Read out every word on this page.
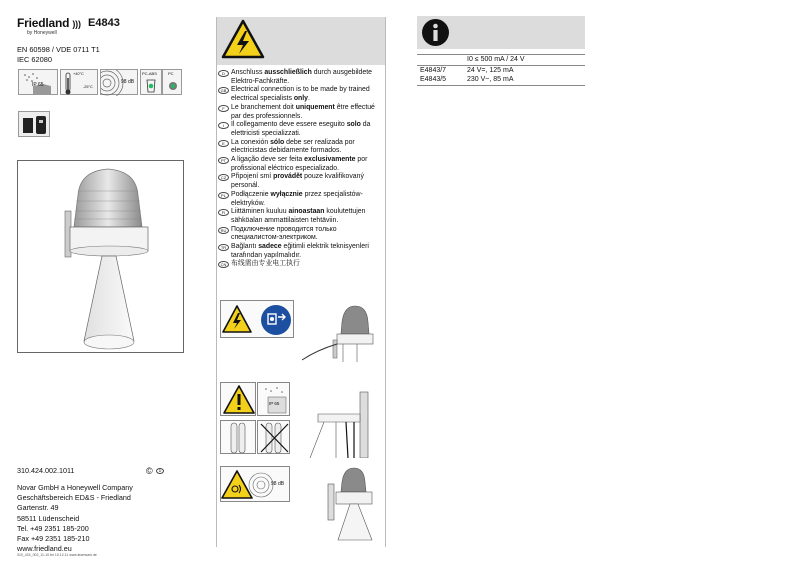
Friedland )))
by Honeywell
E4843
EN 60598 / VDE 0711 T1
IEC 62080
IP 65
+40°C
-25°C
98 dB
PC-ABS	PC
310.424.002.1011	©	D
Novar GmbH a Honeywell Company
Geschäftsbereich ED&S - Friedland
Gartenstr. 49
58511 Lüdenscheid
Tel. +49 2351 185-200
Fax +49 2351 185-210
www.friedland.eu
310_424_002_11-10.fm 10.12.11 www.teamsam.de
D Anschluss ausschließlich durch ausgebildete Elektro-Fachkräfte.
GB Electrical connection is to be made by trained electrical specialists only.
F Le branchement doit uniquement être effectué par des professionnels.
I	Il collegamento deve essere eseguito solo da elettricisti specializzati.
E La conexión sólo debe ser realizada por electricistas debidamente formados.
PT A ligação deve ser feita exclusivamente por profissional eléctrico especializado.
CZ Připojení smí provádět pouze kvalifikovaný personál.
PL Podłączenie wyłącznie przez specjalistów-elektryków.
FI Liittäminen kuuluu ainoastaan koulutettujen sähköalan ammattilaisten tehtäviin.
RU Подключение проводится только специалистом-электриком.
TR Bağlantı sadece eğitimli elektrik teknisyenleri tarafından yapılmalıdır.
CN 布线需由专业电工执行
IP 65
98 dB
I0 ≤ 500 mA / 24 V
E4843/7	24 V=, 125 mA
E4843/5	230 V~, 85 mA
